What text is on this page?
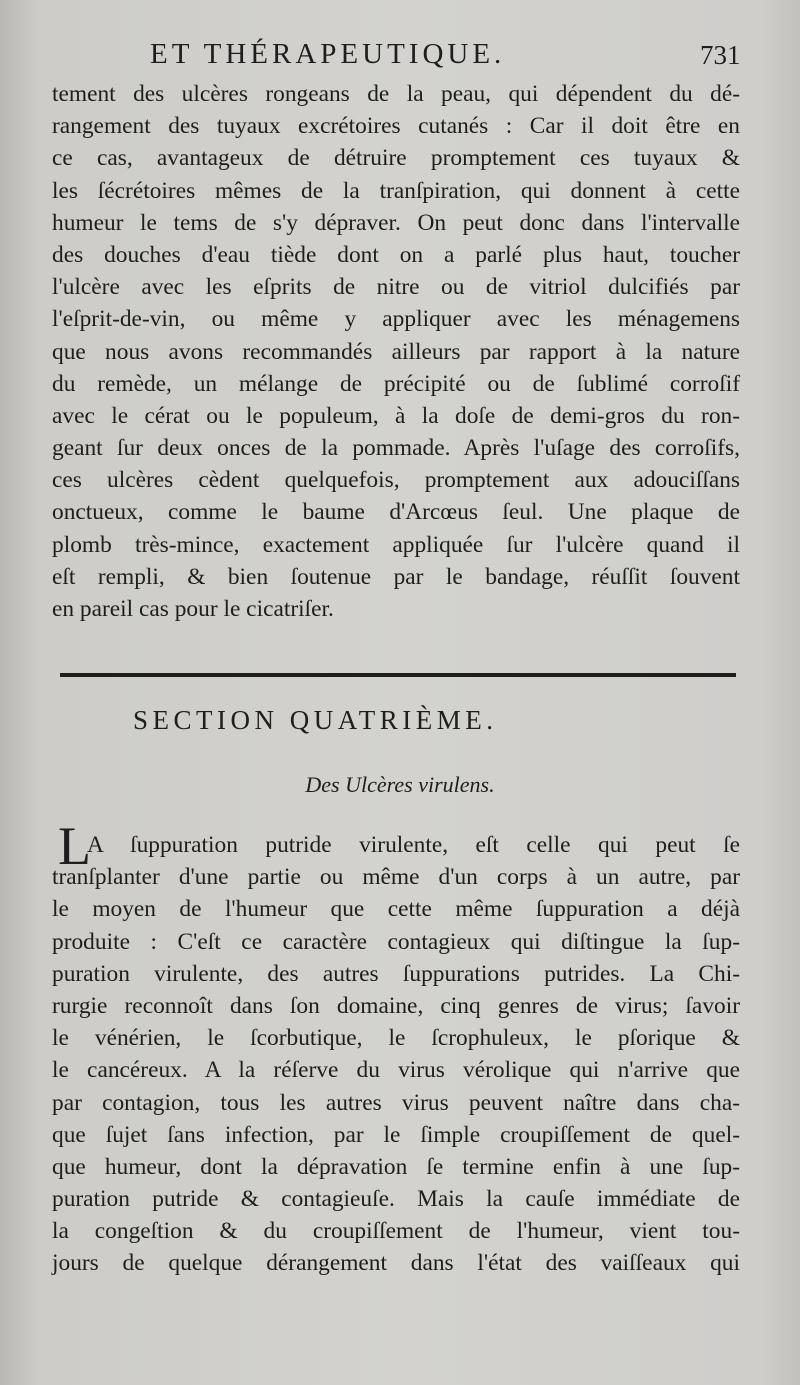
ET THÉRAPEUTIQUE.	731
tement des ulcères rongeans de la peau, qui dépendent du dé-
rangement des tuyaux excrétoires cutanés : Car il doit être en
ce cas, avantageux de détruire promptement ces tuyaux &
les ſécrétoires mêmes de la tranſpiration, qui donnent à cette
humeur le tems de s'y dépraver. On peut donc dans l'intervalle
des douches d'eau tiède dont on a parlé plus haut, toucher
l'ulcère avec les eſprits de nitre ou de vitriol dulcifiés par
l'eſprit-de-vin, ou même y appliquer avec les ménagemens
que nous avons recommandés ailleurs par rapport à la nature
du remède, un mélange de précipité ou de ſublimé corroſif
avec le cérat ou le populeum, à la doſe de demi-gros du ron-
geant ſur deux onces de la pommade. Après l'uſage des corroſifs,
ces ulcères cèdent quelquefois, promptement aux adouciſſans
onctueux, comme le baume d'Arcœus ſeul. Une plaque de
plomb très-mince, exactement appliquée ſur l'ulcère quand il
eſt rempli, & bien ſoutenue par le bandage, réuſſit ſouvent
en pareil cas pour le cicatriſer.
SECTION QUATRIÈME.
Des Ulcères virulens.
L
A ſuppuration putride virulente, eſt celle qui peut ſe
tranſplanter d'une partie ou même d'un corps à un autre, par
le moyen de l'humeur que cette même ſuppuration a déjà
produite : C'eſt ce caractère contagieux qui diſtingue la ſup-
puration virulente, des autres ſuppurations putrides. La Chi-
rurgie reconnoît dans ſon domaine, cinq genres de virus; ſavoir
le vénérien, le ſcorbutique, le ſcrophuleux, le pſorique &
le cancéreux. A la réſerve du virus vérolique qui n'arrive que
par contagion, tous les autres virus peuvent naître dans cha-
que ſujet ſans infection, par le ſimple croupiſſement de quel-
que humeur, dont la dépravation ſe termine enfin à une ſup-
puration putride & contagieuſe. Mais la cauſe immédiate de
la congeſtion & du croupiſſement de l'humeur, vient tou-
jours de quelque dérangement dans l'état des vaiſſeaux qui
